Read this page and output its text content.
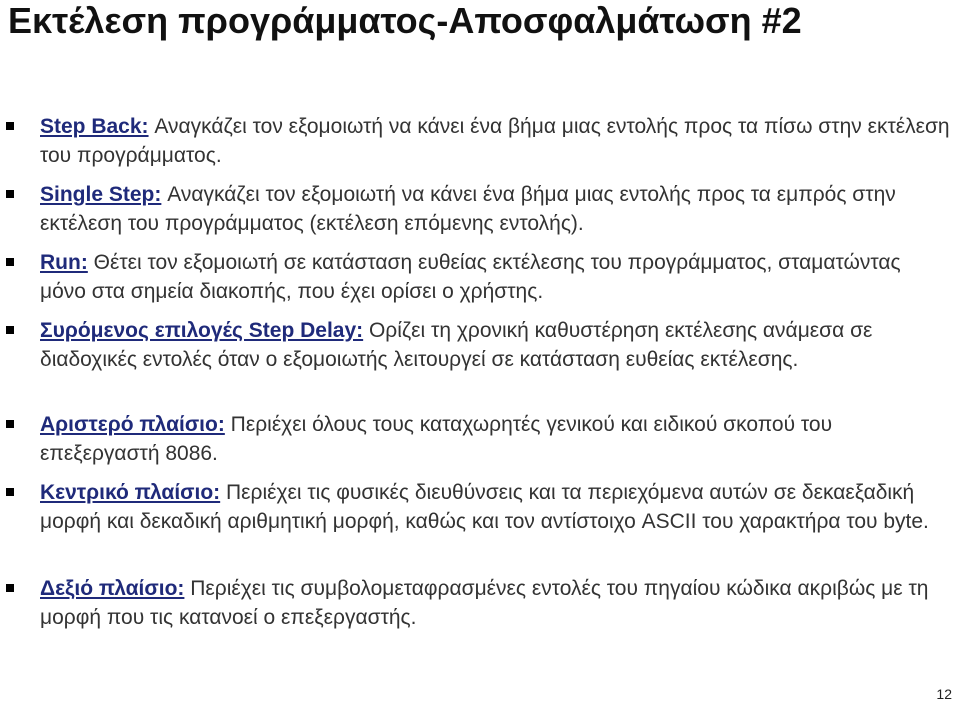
Εκτέλεση προγράμματος-Αποσφαλμάτωση #2
Step Back: Αναγκάζει τον εξομοιωτή να κάνει ένα βήμα μιας εντολής προς τα πίσω στην εκτέλεση του προγράμματος.
Single Step: Αναγκάζει τον εξομοιωτή να κάνει ένα βήμα μιας εντολής προς τα εμπρός στην εκτέλεση του προγράμματος (εκτέλεση επόμενης εντολής).
Run: Θέτει τον εξομοιωτή σε κατάσταση ευθείας εκτέλεσης του προγράμματος, σταματώντας μόνο στα σημεία διακοπής, που έχει ορίσει ο χρήστης.
Συρόμενος επιλογές Step Delay: Ορίζει τη χρονική καθυστέρηση εκτέλεσης ανάμεσα σε διαδοχικές εντολές όταν ο εξομοιωτής λειτουργεί σε κατάσταση ευθείας εκτέλεσης.
Αριστερό πλαίσιο: Περιέχει όλους τους καταχωρητές γενικού και ειδικού σκοπού του επεξεργαστή 8086.
Κεντρικό πλαίσιο: Περιέχει τις φυσικές διευθύνσεις και τα περιεχόμενα αυτών σε δεκαεξαδική μορφή και δεκαδική αριθμητική μορφή, καθώς και τον αντίστοιχο ASCII του χαρακτήρα του byte.
Δεξιό πλαίσιο: Περιέχει τις συμβολομεταφρασμένες εντολές του πηγαίου κώδικα ακριβώς με τη μορφή που τις κατανοεί ο επεξεργαστής.
12
